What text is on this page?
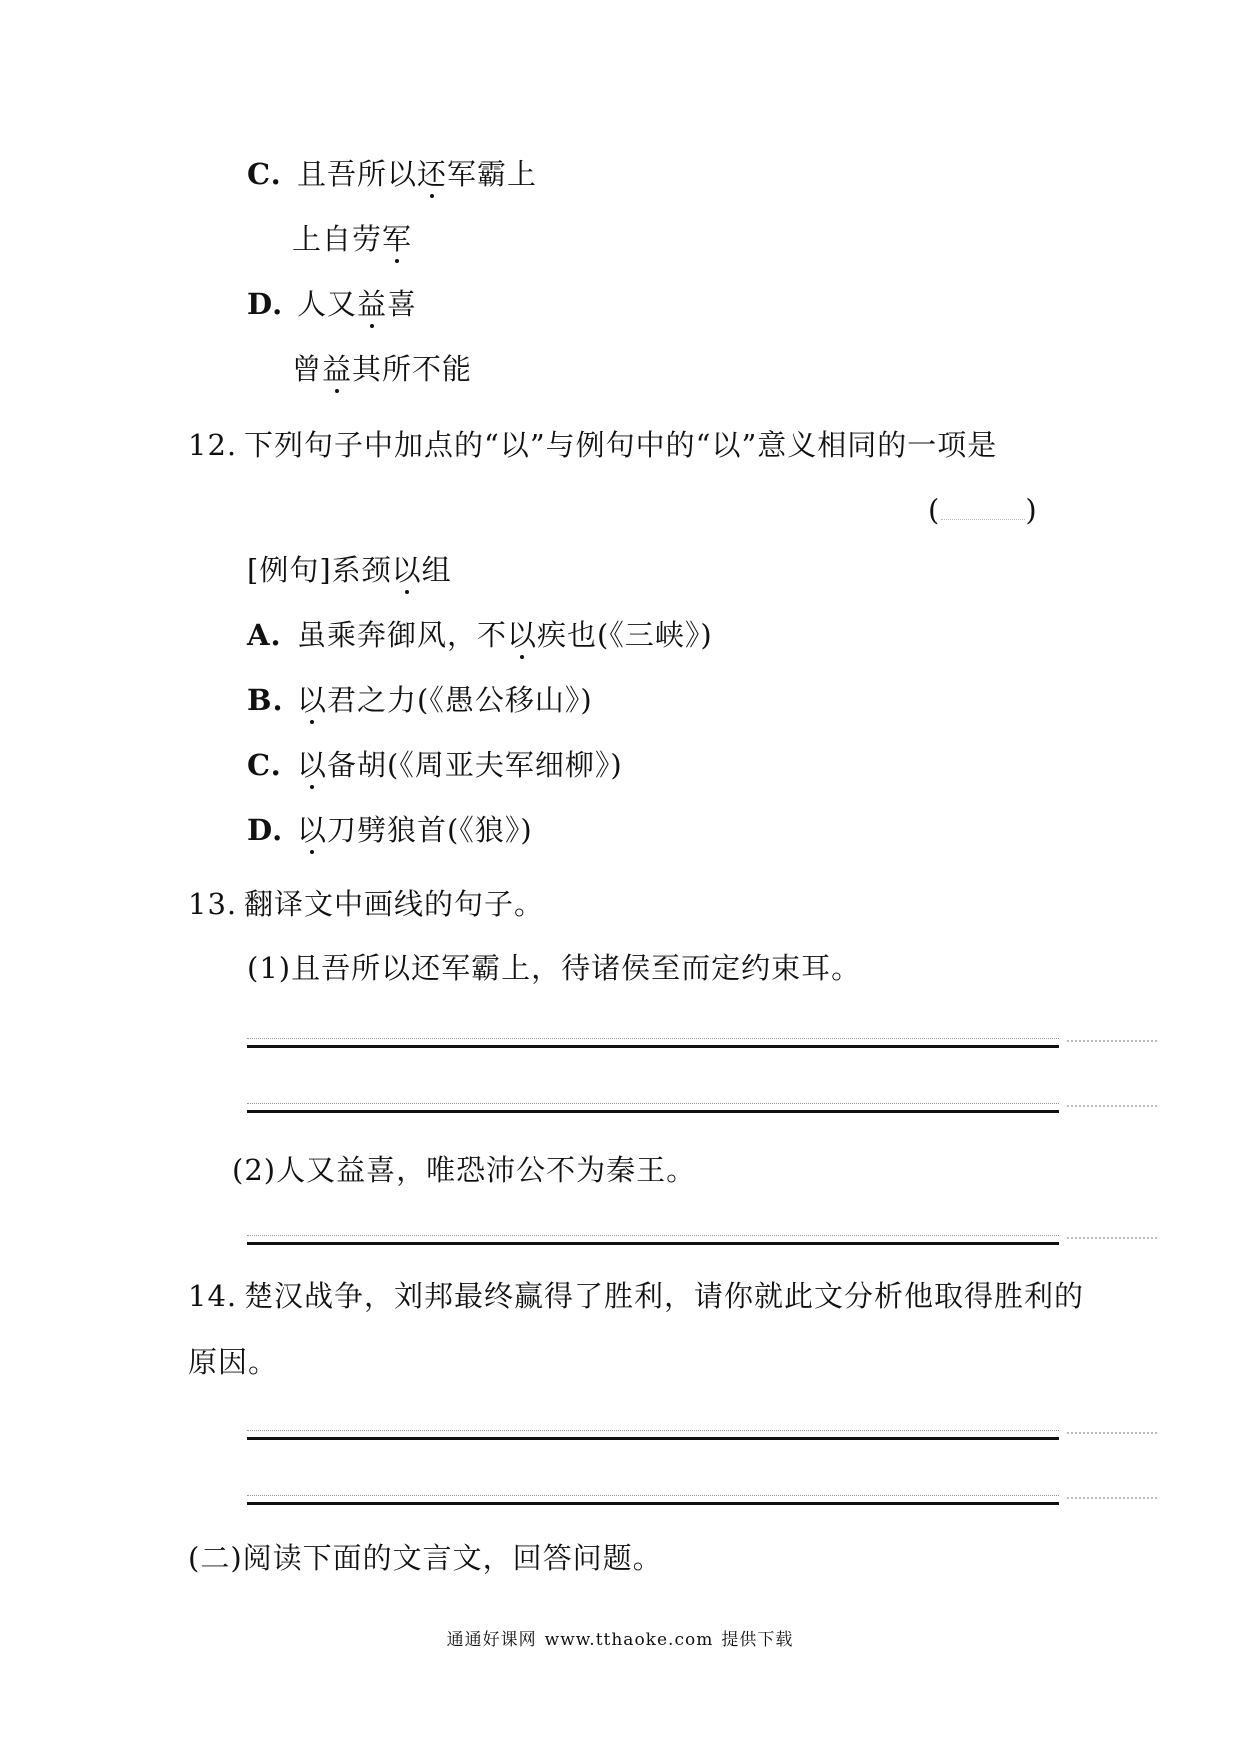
C. 且吾所以还军霸上
上自劳军
D. 人又益喜
曾益其所不能
12. 下列句子中加点的“以”与例句中的“以”意义相同的一项是
(	)
[例句]系颈以组
A. 虽乘奔御风，不以疾也(《三峡》)
B. 以君之力(《愚公移山》)
C. 以备胡(《周亚夫军细柳》)
D. 以刀劈狼首(《狼》)
13. 翻译文中画线的句子。
(1)且吾所以还军霸上，待诸侯至而定约束耳。
(2)人又益喜，唯恐沛公不为秦王。
14. 楚汉战争，刘邦最终赢得了胜利，请你就此文分析他取得胜利的
原因。
(二)阅读下面的文言文，回答问题。
通通好课网 www.tthaoke.com 提供下载
